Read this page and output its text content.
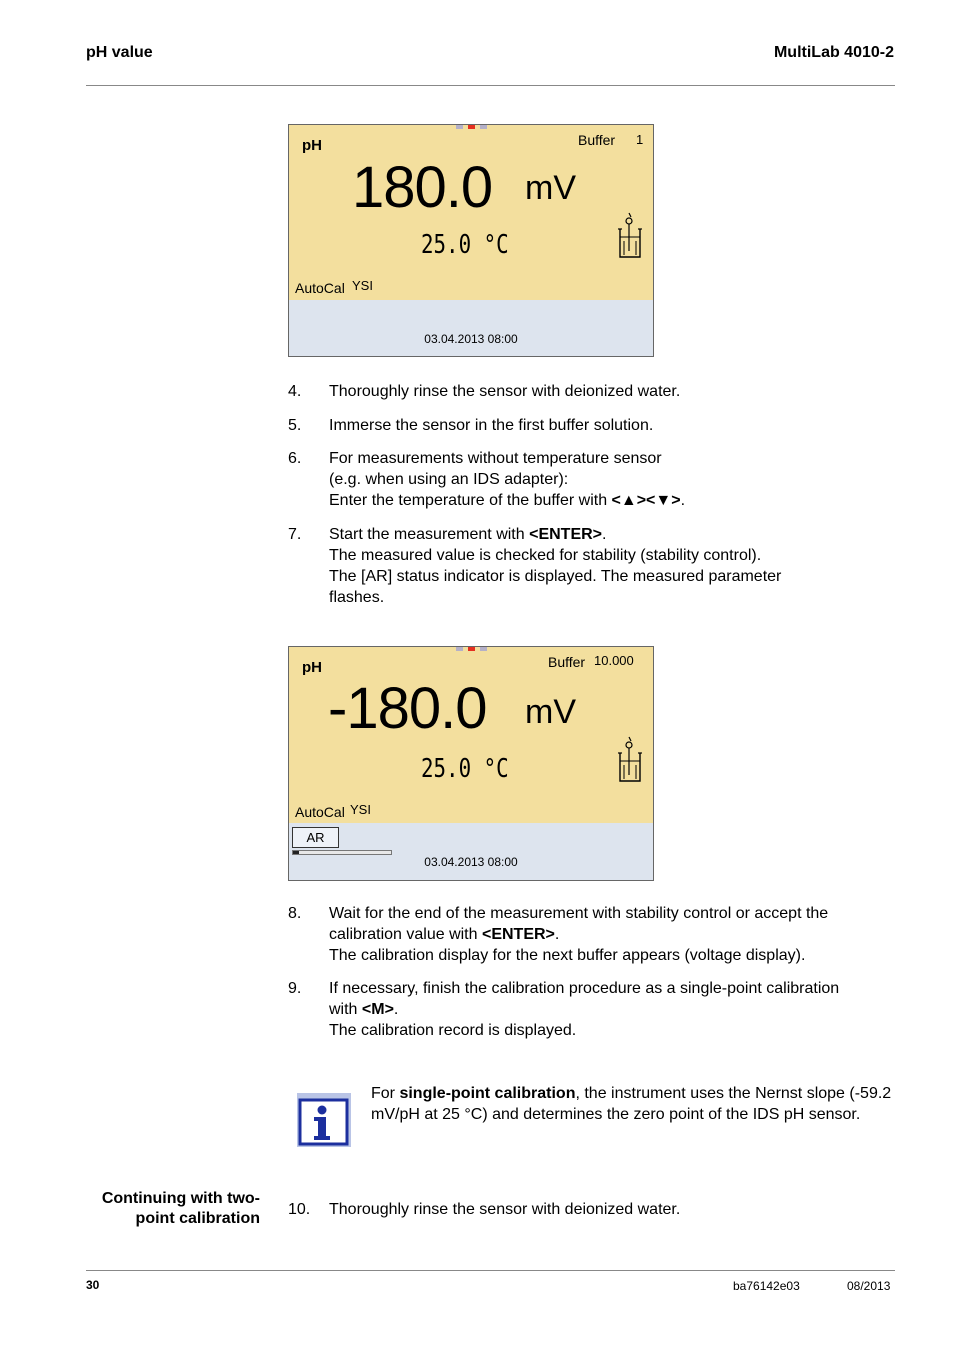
pH value	MultiLab 4010-2
pH	Buffer 1
180.0 mV
25.0 °C
AutoCal YSI
03.04.2013 08:00
4. Thoroughly rinse the sensor with deionized water.
5. Immerse the sensor in the first buffer solution.
6. For measurements without temperature sensor
(e.g. when using an IDS adapter):
Enter the temperature of the buffer with <▲><▼>.
7. Start the measurement with <ENTER>.
The measured value is checked for stability (stability control).
The [AR] status indicator is displayed. The measured parameter flashes.
pH	Buffer 10.000
-180.0 mV
25.0 °C
AutoCal YSI
AR
03.04.2013 08:00
8. Wait for the end of the measurement with stability control or accept the
calibration value with <ENTER>.
The calibration display for the next buffer appears (voltage display).
9. If necessary, finish the calibration procedure as a single-point calibration
with <M>.
The calibration record is displayed.
For single-point calibration, the instrument uses the Nernst slope (-59.2 mV/pH at 25 °C) and determines the zero point of the IDS pH sensor.
Continuing with two-
point calibration
10. Thoroughly rinse the sensor with deionized water.
30	ba76142e03	08/2013
